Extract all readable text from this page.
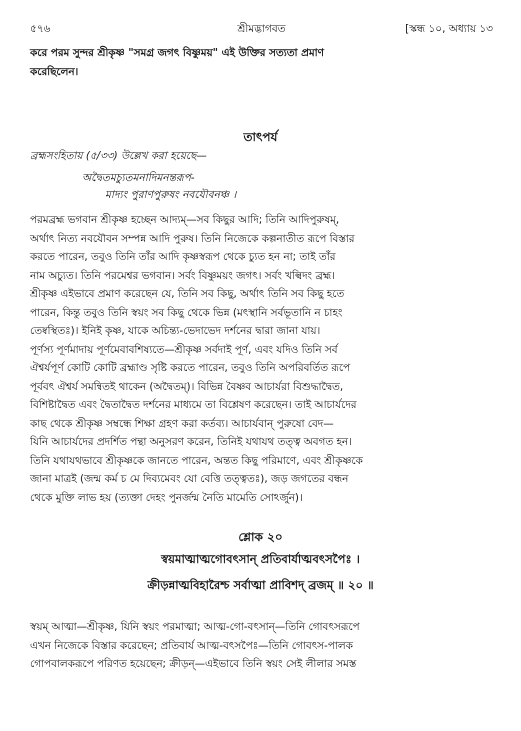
৫৭৬	শ্রীমদ্ভাগবত	[স্কন্ধ ১০, অধ্যায় ১৩
করে পরম সুন্দর শ্রীকৃষ্ণ "সমগ্র জগৎ বিষ্ণুময়" এই উক্তির সত্যতা প্রমাণ
করেছিলেন।
তাৎপর্য
ব্রহ্মসংহিতায় (৫/৩৩) উল্লেখ করা হয়েছে—
অদ্বৈতমচ্যুতমনাদিমনন্তরূপ-
মাদ্যং পুরাণপুরুষং নবযৌবনঞ্চ ।
পরমব্রহ্ম ভগবান শ্রীকৃষ্ণ হচ্ছেন আদ্যম্—সব কিছুর আদি; তিনি আদিপুরুষম্,
অর্থাৎ নিত্য নবযৌবন সম্পন্ন আদি পুরুষ। তিনি নিজেকে কল্পনাতীত রূপে বিস্তার
করতে পারেন, তবুও তিনি তাঁর আদি কৃষ্ণস্বরূপ থেকে চ্যুত হন না; তাই তাঁর
নাম অচ্যুত। তিনি পরমেশ্বর ভগবান। সর্বং বিষ্ণুময়ং জগৎ। সর্বং খল্বিদং ব্রহ্ম।
শ্রীকৃষ্ণ এইভাবে প্রমাণ করেছেন যে, তিনি সব কিছু, অর্থাৎ তিনি সব কিছু হতে
পারেন, কিন্তু তবুও তিনি স্বয়ং সব কিছু থেকে ভিন্ন (মৎস্থানি সর্বভূতানি ন চাহং
তেষ্বস্থিতঃ)। ইনিই কৃষ্ণ, যাকে অচিন্ত্য-ভেদাভেদ দর্শনের দ্বারা জানা যায়।
পূর্ণস্য পূর্ণমাদায় পূর্ণমেবাবশিষ্যতে—শ্রীকৃষ্ণ সর্বদাই পূর্ণ, এবং যদিও তিনি সর্ব
ঐশ্বর্যপূর্ণ কোটি কোটি ব্রহ্মাণ্ড সৃষ্টি করতে পারেন, তবুও তিনি অপরিবর্তিত রূপে
পূর্ববৎ ঐশ্বর্য সমন্বিতই থাকেন (অদ্বৈতম্)। বিভিন্ন বৈষ্ণব আচার্যরা বিশুদ্ধাদ্বৈত,
বিশিষ্টাদ্বৈত এবং দ্বৈতাদ্বৈত দর্শনের মাধ্যমে তা বিশ্লেষণ করেছেন। তাই আচার্যদের
কাছ থেকে শ্রীকৃষ্ণ সম্বন্ধে শিক্ষা গ্রহণ করা কর্তব্য। আচার্যবান্ পুরুষো বেদ—
যিনি আচার্যদের প্রদর্শিত পন্থা অনুসরণ করেন, তিনিই যথাযথ তত্ত্ব অবগত হন।
তিনি যথাযথভাবে শ্রীকৃষ্ণকে জানতে পারেন, অন্তত কিছু পরিমাণে, এবং শ্রীকৃষ্ণকে
জানা মাত্রই (জন্ম কর্ম চ মে দিব্যমেবং যো বেত্তি তত্ত্বতঃ), জড় জগতের বন্ধন
থেকে মুক্তি লাভ হয় (ত্যক্তা দেহং পুনর্জন্ম নৈতি মামেতি সোঽর্জুন)।
শ্লোক ২০
স্বয়মাত্মাত্মগোবৎসান্ প্রতিবার্যাত্মবৎসপৈঃ ।
ক্রীড়ন্নাত্মবিহারৈশ্চ সর্বাত্মা প্রাবিশদ্ ব্রজম্ ॥ ২০ ॥
স্বয়ম্ আত্মা—শ্রীকৃষ্ণ, যিনি স্বয়ং পরমাত্মা; আত্ম-গো-বৎসান্—তিনি গোবৎসরূপে
এখন নিজেকে বিস্তার করেছেন; প্রতিবার্য আত্ম-বৎসপৈঃ—তিনি গোবৎস-পালক
গোপবালকরূপে পরিণত হয়েছেন; ক্রীড়ন্—এইভাবে তিনি স্বয়ং সেই লীলার সমস্ত
